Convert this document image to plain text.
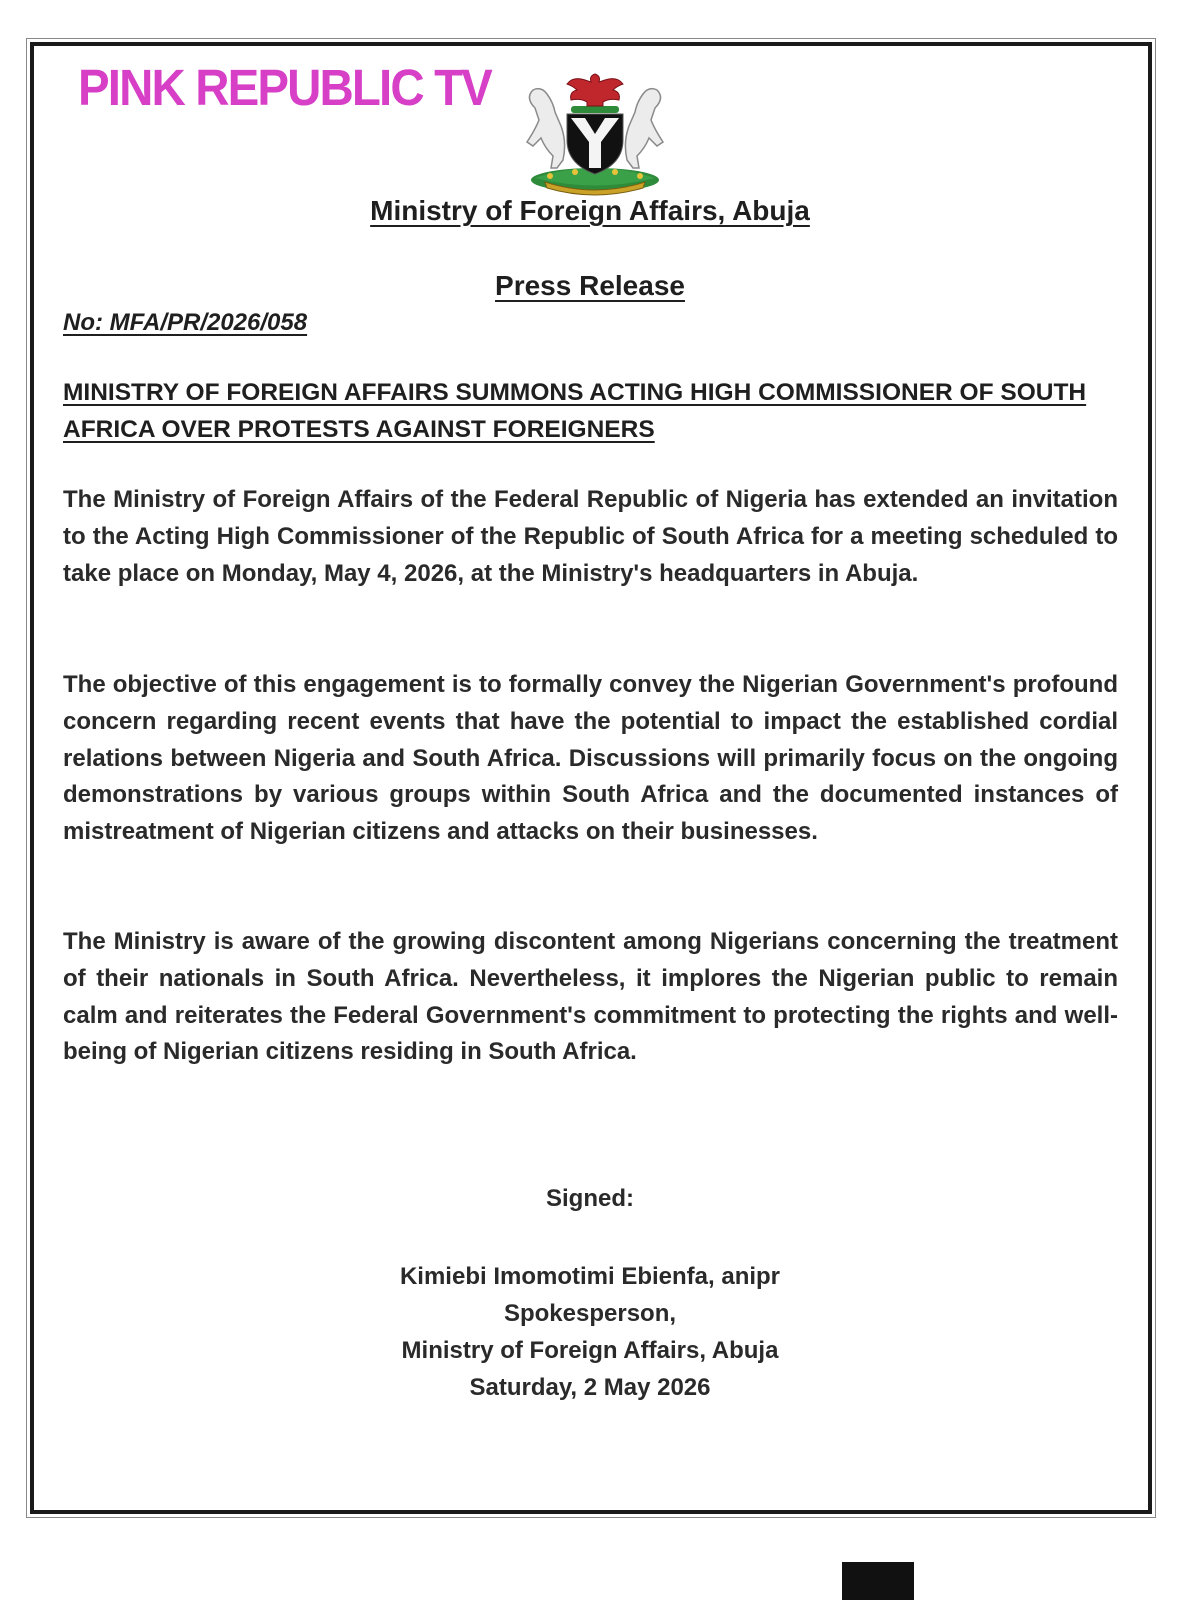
PINK REPUBLIC TV
Ministry of Foreign Affairs, Abuja
Press Release
No: MFA/PR/2026/058
MINISTRY OF FOREIGN AFFAIRS SUMMONS ACTING HIGH COMMISSIONER OF SOUTH AFRICA OVER PROTESTS AGAINST FOREIGNERS
The Ministry of Foreign Affairs of the Federal Republic of Nigeria has extended an invitation to the Acting High Commissioner of the Republic of South Africa for a meeting scheduled to take place on Monday, May 4, 2026, at the Ministry's headquarters in Abuja.
The objective of this engagement is to formally convey the Nigerian Government's profound concern regarding recent events that have the potential to impact the established cordial relations between Nigeria and South Africa. Discussions will primarily focus on the ongoing demonstrations by various groups within South Africa and the documented instances of mistreatment of Nigerian citizens and attacks on their businesses.
The Ministry is aware of the growing discontent among Nigerians concerning the treatment of their nationals in South Africa. Nevertheless, it implores the Nigerian public to remain calm and reiterates the Federal Government's commitment to protecting the rights and well-being of Nigerian citizens residing in South Africa.
Signed:
Kimiebi Imomotimi Ebienfa, anipr
Spokesperson,
Ministry of Foreign Affairs, Abuja
Saturday, 2 May 2026
